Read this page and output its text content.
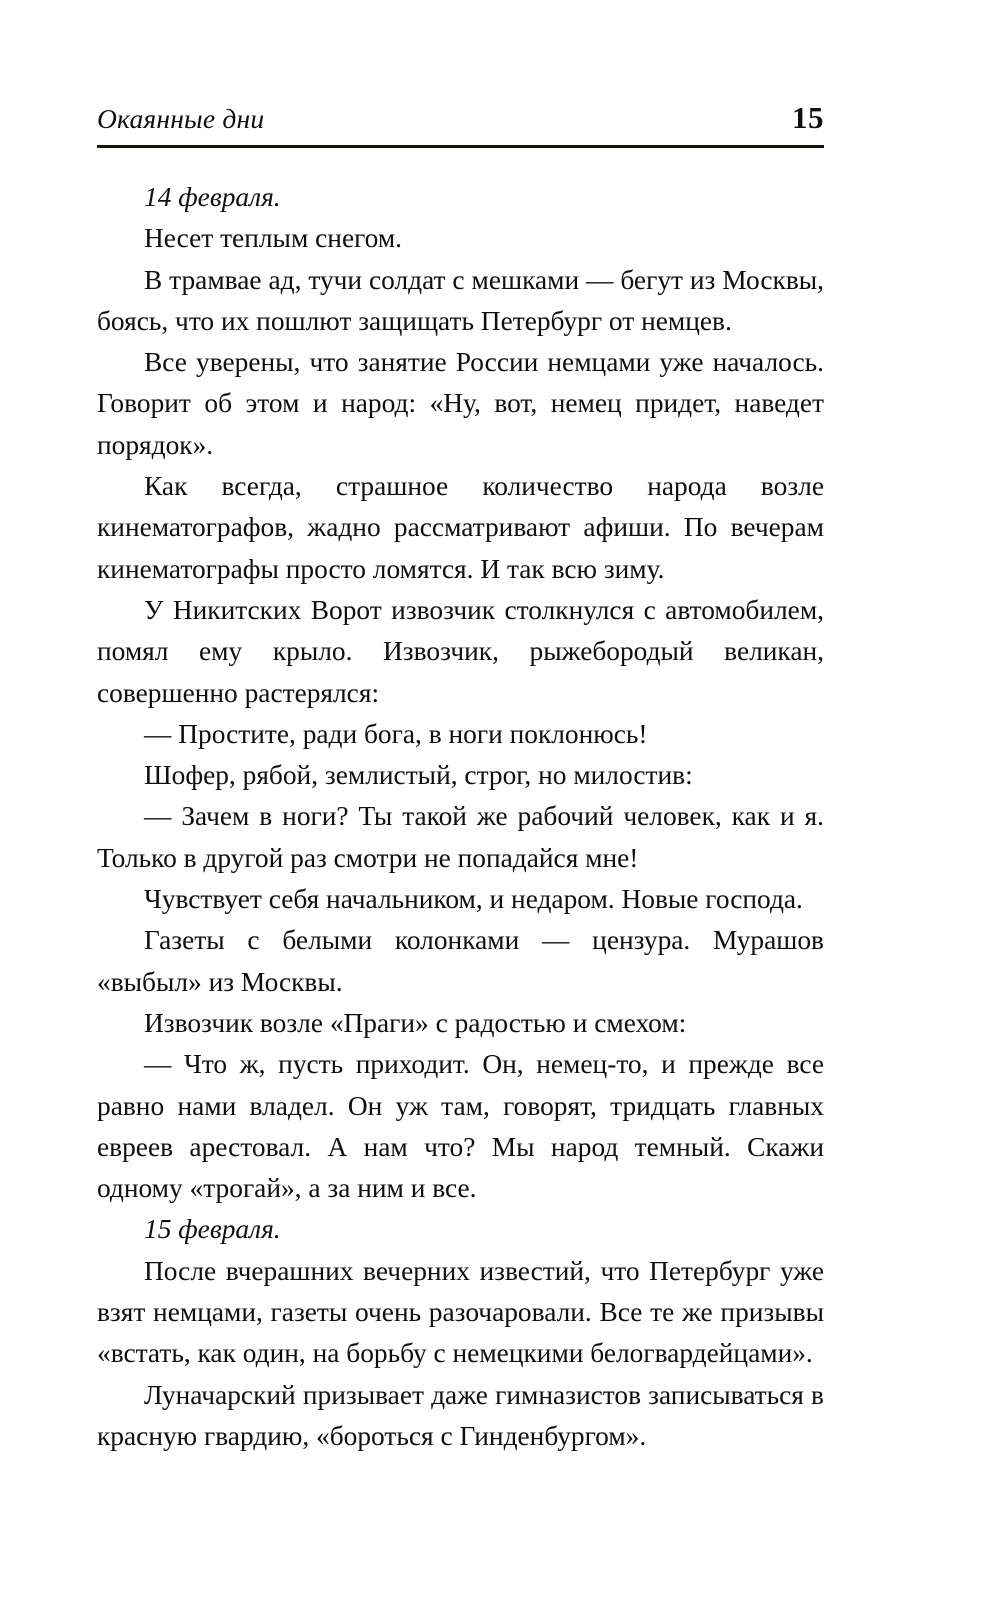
Окаянные дни	15

14 февраля.

Несет теплым снегом.

В трамвае ад, тучи солдат с мешками — бегут из Москвы, боясь, что их пошлют защищать Петербург от немцев.

Все уверены, что занятие России немцами уже началось. Говорит об этом и народ: «Ну, вот, немец придет, наведет порядок».

Как всегда, страшное количество народа возле кинематографов, жадно рассматривают афиши. По вечерам кинематографы просто ломятся. И так всю зиму.

У Никитских Ворот извозчик столкнулся с автомобилем, помял ему крыло. Извозчик, рыжебородый великан, совершенно растерялся:

— Простите, ради бога, в ноги поклонюсь!

Шофер, рябой, землистый, строг, но милостив:

— Зачем в ноги? Ты такой же рабочий человек, как и я. Только в другой раз смотри не попадайся мне!

Чувствует себя начальником, и недаром. Новые господа.

Газеты с белыми колонками — цензура. Мурашов «выбыл» из Москвы.

Извозчик возле «Праги» с радостью и смехом:

— Что ж, пусть приходит. Он, немец-то, и прежде все равно нами владел. Он уж там, говорят, тридцать главных евреев арестовал. А нам что? Мы народ темный. Скажи одному «трогай», а за ним и все.

15 февраля.

После вчерашних вечерних известий, что Петербург уже взят немцами, газеты очень разочаровали. Все те же призывы «встать, как один, на борьбу с немецкими белогвардейцами».

Луначарский призывает даже гимназистов записываться в красную гвардию, «бороться с Гинденбургом».
